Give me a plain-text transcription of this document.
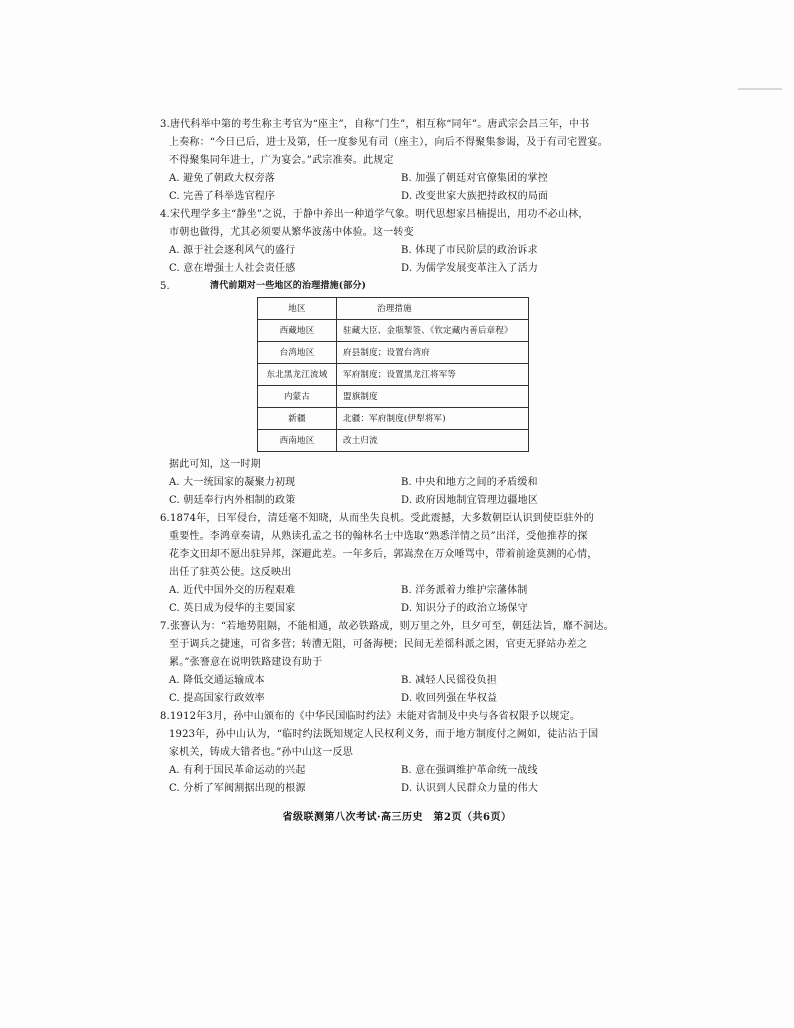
3.唐代科举中第的考生称主考官为“座主”，自称“门生”，相互称“同年”。唐武宗会昌三年，中书
上奏称：“今日已后，进士及第，任一度参见有司（座主），向后不得聚集参谒，及于有司宅置宴。
不得聚集同年进士，广为宴会。”武宗准奏。此规定
A. 避免了朝政大权旁落	B. 加强了朝廷对官僚集团的掌控
C. 完善了科举选官程序	D. 改变世家大族把持政权的局面
4.宋代理学多主“静坐”之说，于静中养出一种道学气象。明代思想家吕楠提出，用功不必山林，
市朝也做得，尤其必须要从繁华波荡中体验。这一转变
A. 源于社会逐利风气的盛行	B. 体现了市民阶层的政治诉求
C. 意在增强士人社会责任感	D. 为儒学发展变革注入了活力
5.	清代前期对一些地区的治理措施(部分)
地区	治理措施
西藏地区	驻藏大臣、金瓶掣签、《钦定藏内善后章程》
台湾地区	府县制度；设置台湾府
东北黑龙江流域	军府制度；设置黑龙江将军等
内蒙古	盟旗制度
新疆	北疆：军府制度(伊犁将军)
西南地区	改土归流
据此可知，这一时期
A. 大一统国家的凝聚力初现	B. 中央和地方之间的矛盾缓和
C. 朝廷奉行内外相制的政策	D. 政府因地制宜管理边疆地区
6.1874年，日军侵台，清廷毫不知晓，从而坐失良机。受此震撼，大多数朝臣认识到使臣驻外的
重要性。李鸿章奏请，从熟读孔孟之书的翰林名士中选取“熟悉洋情之员”出洋，受他推荐的探
花李文田却不愿出驻异邦，深避此差。一年多后，郭嵩焘在万众唾骂中，带着前途莫测的心情，
出任了驻英公使。这反映出
A. 近代中国外交的历程艰难	B. 洋务派着力维护宗藩体制
C. 英日成为侵华的主要国家	D. 知识分子的政治立场保守
7.张謇认为：“若地势阻隔，不能相通，故必铁路成，则万里之外，旦夕可至，朝廷法旨，靡不洞达。
至于调兵之捷速，可省多营；转漕无阻，可备海梗；民间无差徭科派之困，官吏无驿站办差之
累。”张謇意在说明铁路建设有助于
A. 降低交通运输成本	B. 减轻人民徭役负担
C. 提高国家行政效率	D. 收回列强在华权益
8.1912年3月，孙中山颁布的《中华民国临时约法》未能对省制及中央与各省权限予以规定。
1923年，孙中山认为，“临时约法既知规定人民权利义务，而于地方制度付之阙如，徒沾沾于国
家机关，铸成大错者也。”孙中山这一反思
A. 有利于国民革命运动的兴起	B. 意在强调维护革命统一战线
C. 分析了军阀割据出现的根源	D. 认识到人民群众力量的伟大
省级联测第八次考试·高三历史　第2页（共6页）
